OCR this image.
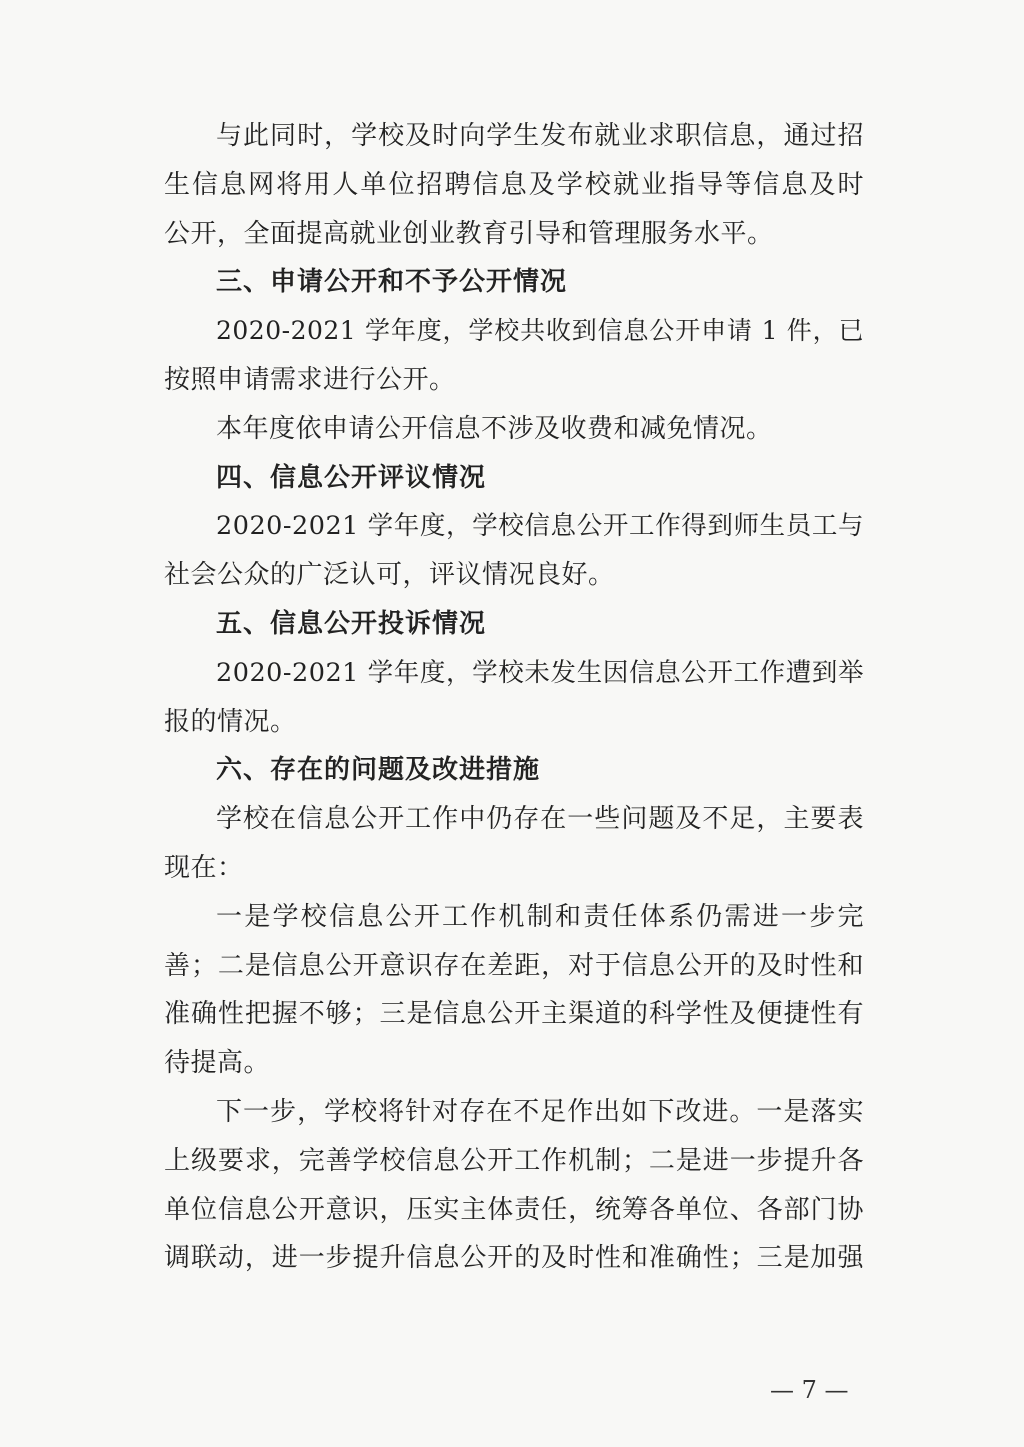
与此同时，学校及时向学生发布就业求职信息，通过招
生信息网将用人单位招聘信息及学校就业指导等信息及时
公开，全面提高就业创业教育引导和管理服务水平。
三、申请公开和不予公开情况
2020-2021 学年度，学校共收到信息公开申请 1 件，已
按照申请需求进行公开。
本年度依申请公开信息不涉及收费和减免情况。
四、信息公开评议情况
2020-2021 学年度，学校信息公开工作得到师生员工与
社会公众的广泛认可，评议情况良好。
五、信息公开投诉情况
2020-2021 学年度，学校未发生因信息公开工作遭到举
报的情况。
六、存在的问题及改进措施
学校在信息公开工作中仍存在一些问题及不足，主要表
现在：
一是学校信息公开工作机制和责任体系仍需进一步完
善；二是信息公开意识存在差距，对于信息公开的及时性和
准确性把握不够；三是信息公开主渠道的科学性及便捷性有
待提高。
下一步，学校将针对存在不足作出如下改进。一是落实
上级要求，完善学校信息公开工作机制；二是进一步提升各
单位信息公开意识，压实主体责任，统筹各单位、各部门协
调联动，进一步提升信息公开的及时性和准确性；三是加强
— 7 —
